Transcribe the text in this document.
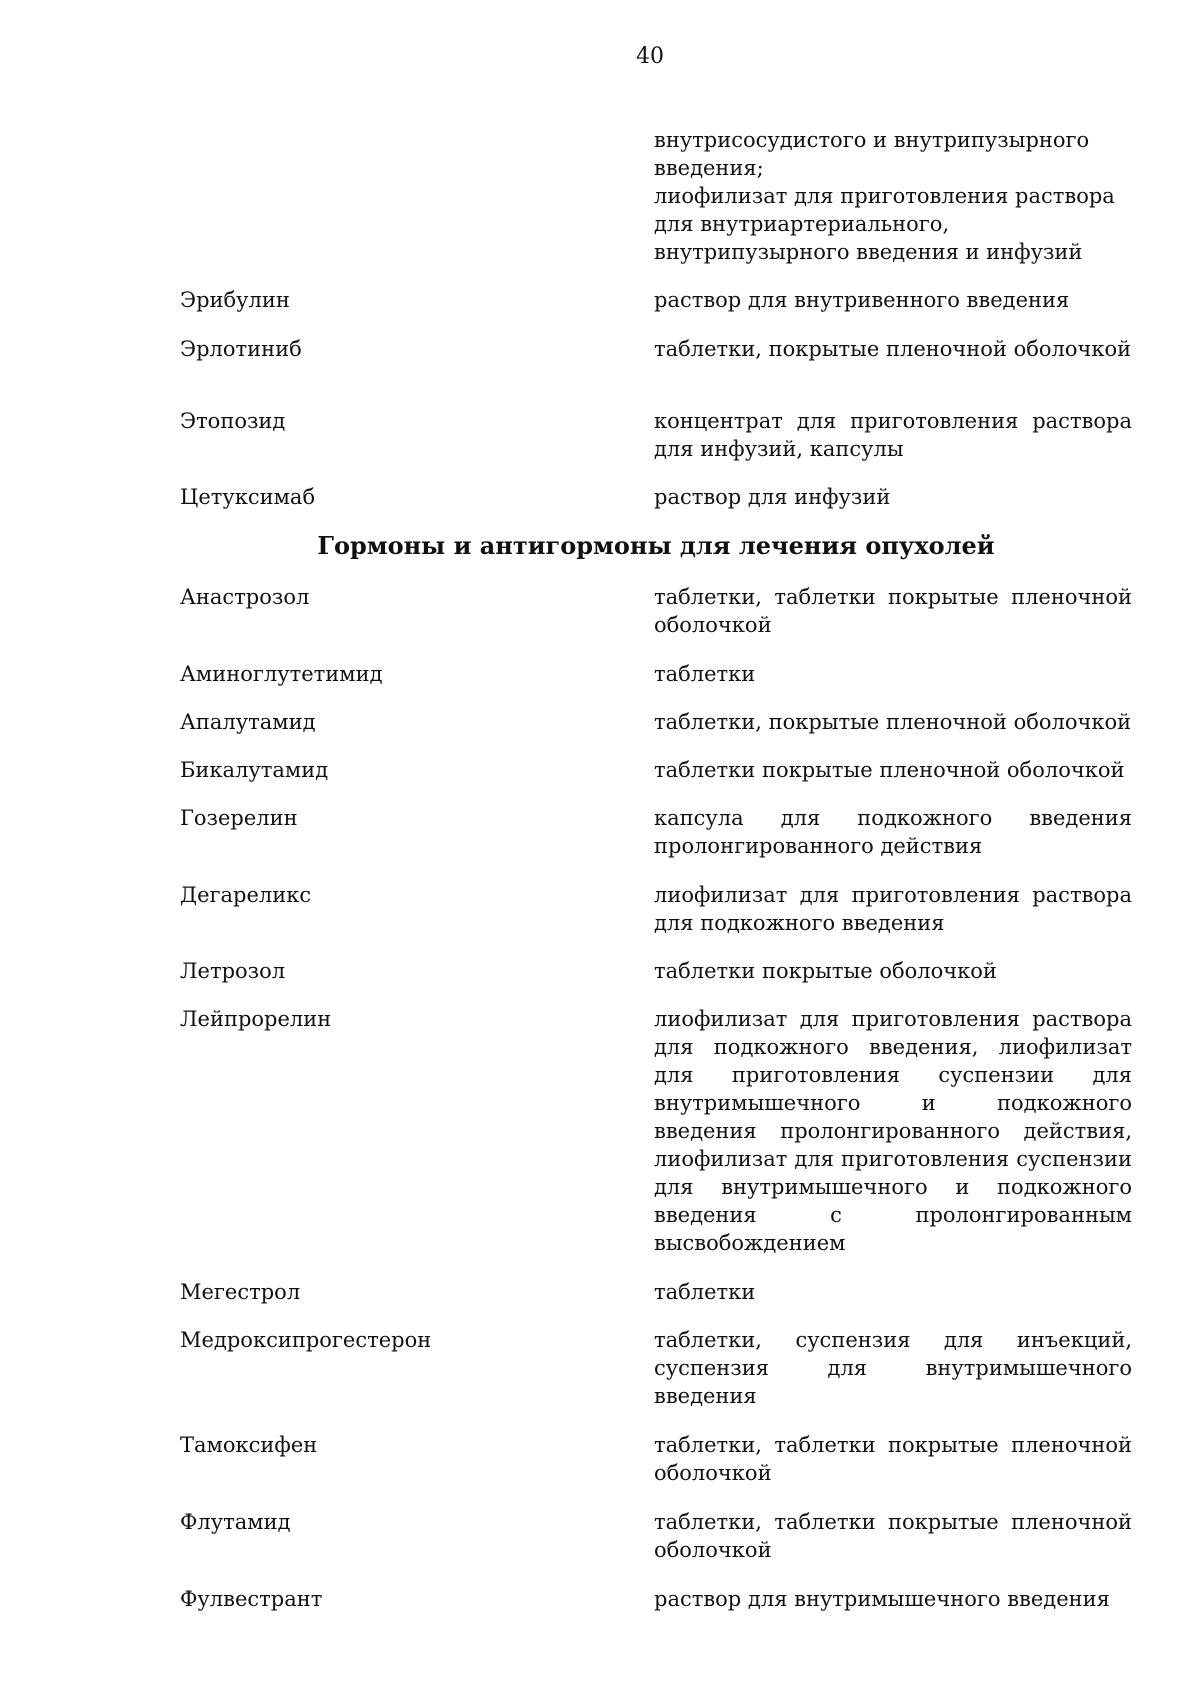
40
внутрисосудистого и внутрипузырного введения;
лиофилизат для приготовления раствора для внутриартериального, внутрипузырного введения и инфузий
Эрибулин	раствор для внутривенного введения
Эрлотиниб	таблетки, покрытые пленочной оболочкой
Этопозид	концентрат для приготовления раствора для инфузий, капсулы
Цетуксимаб	раствор для инфузий
Гормоны и антигормоны для лечения опухолей
Анастрозол	таблетки, таблетки покрытые пленочной оболочкой
Аминоглутетимид	таблетки
Апалутамид	таблетки, покрытые пленочной оболочкой
Бикалутамид	таблетки покрытые пленочной оболочкой
Гозерелин	капсула для подкожного введения пролонгированного действия
Дегареликс	лиофилизат для приготовления раствора для подкожного введения
Летрозол	таблетки покрытые оболочкой
Лейпрорелин	лиофилизат для приготовления раствора для подкожного введения, лиофилизат для приготовления суспензии для внутримышечного и подкожного введения пролонгированного действия, лиофилизат для приготовления суспензии для внутримышечного и подкожного введения с пролонгированным высвобождением
Мегестрол	таблетки
Медроксипрогестерон	таблетки, суспензия для инъекций, суспензия для внутримышечного введения
Тамоксифен	таблетки, таблетки покрытые пленочной оболочкой
Флутамид	таблетки, таблетки покрытые пленочной оболочкой
Фулвестрант	раствор для внутримышечного введения
